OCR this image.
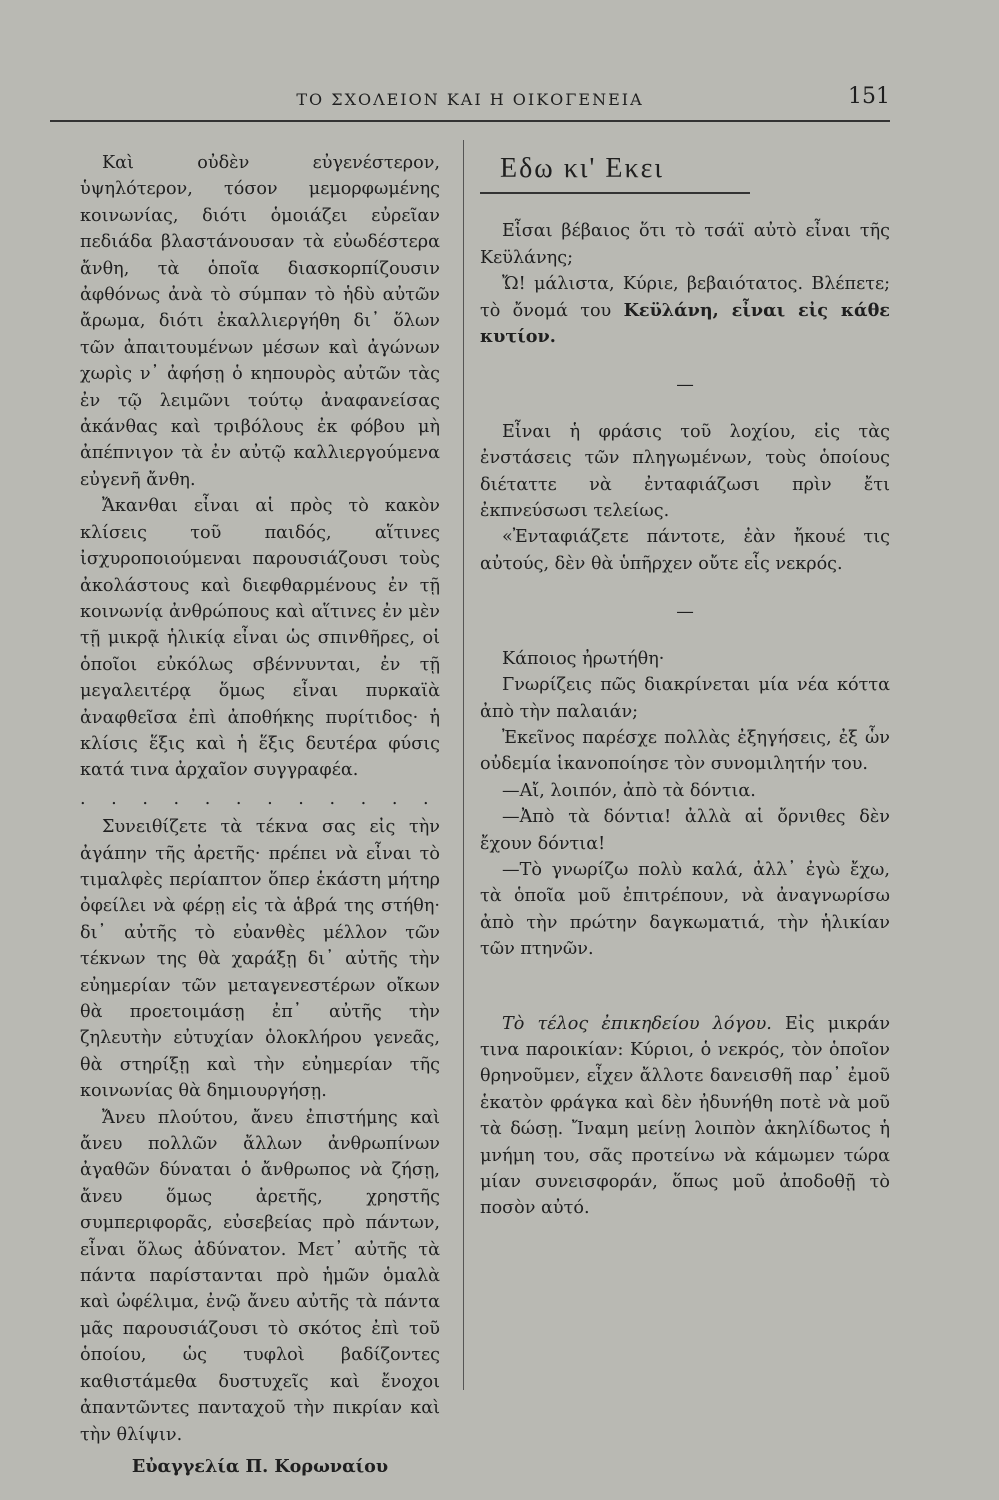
ΤΟ ΣΧΟΛΕΙΟΝ ΚΑΙ Η ΟΙΚΟΓΕΝΕΙΑ	151

Καὶ οὐδὲν εὐγενέστερον, ὑψηλότερον, τόσον μεμορφωμένης κοινωνίας, διότι ὁμοιάζει εὐρεῖαν πεδιάδα βλαστάνουσαν τὰ εὐωδέστερα ἄνθη, τὰ ὁποῖα διασκορπίζουσιν ἀφθόνως ἀνὰ τὸ σύμπαν τὸ ἡδὺ αὐτῶν ἄρωμα, διότι ἐκαλλιεργήθη δι᾽ ὅλων τῶν ἀπαιτουμένων μέσων καὶ ἀγώνων χωρὶς ν᾽ ἀφήσῃ ὁ κηπουρὸς αὐτῶν τὰς ἐν τῷ λειμῶνι τούτῳ ἀναφανείσας ἀκάνθας καὶ τριβόλους ἐκ φόβου μὴ ἀπέπνιγον τὰ ἐν αὐτῷ καλλιεργούμενα εὐγενῆ ἄνθη.

Ἄκανθαι εἶναι αἱ πρὸς τὸ κακὸν κλίσεις τοῦ παιδός, αἵτινες ἰσχυροποιούμεναι παρουσιάζουσι τοὺς ἀκολάστους καὶ διεφθαρμένους ἐν τῇ κοινωνίᾳ ἀνθρώπους καὶ αἵτινες ἐν μὲν τῇ μικρᾷ ἡλικίᾳ εἶναι ὡς σπινθῆρες, οἱ ὁποῖοι εὐκόλως σβέννυνται, ἐν τῇ μεγαλειτέρᾳ ὅμως εἶναι πυρκαϊὰ ἀναφθεῖσα ἐπὶ ἀποθήκης πυρίτιδος· ἡ κλίσις ἕξις καὶ ἡ ἕξις δευτέρα φύσις κατά τινα ἀρχαῖον συγγραφέα.

. . . . . . . . . . . .

Συνειθίζετε τὰ τέκνα σας εἰς τὴν ἀγάπην τῆς ἀρετῆς· πρέπει νὰ εἶναι τὸ τιμαλφὲς περίαπτον ὅπερ ἑκάστη μήτηρ ὀφείλει νὰ φέρῃ εἰς τὰ ἁβρά της στήθη· δι᾽ αὐτῆς τὸ εὐανθὲς μέλλον τῶν τέκνων της θὰ χαράξῃ δι᾽ αὐτῆς τὴν εὐημερίαν τῶν μεταγενεστέρων οἴκων θὰ προετοιμάσῃ ἐπ᾽ αὐτῆς τὴν ζηλευτὴν εὐτυχίαν ὁλοκλήρου γενεᾶς, θὰ στηρίξῃ καὶ τὴν εὐημερίαν τῆς κοινωνίας θὰ δημιουργήσῃ.

Ἄνευ πλούτου, ἄνευ ἐπιστήμης καὶ ἄνευ πολλῶν ἄλλων ἀνθρωπίνων ἀγαθῶν δύναται ὁ ἄνθρωπος νὰ ζήσῃ, ἄνευ ὅμως ἀρετῆς, χρηστῆς συμπεριφορᾶς, εὐσεβείας πρὸ πάντων, εἶναι ὅλως ἀδύνατον. Μετ᾽ αὐτῆς τὰ πάντα παρίστανται πρὸ ἡμῶν ὁμαλὰ καὶ ὠφέλιμα, ἐνῷ ἄνευ αὐτῆς τὰ πάντα μᾶς παρουσιάζουσι τὸ σκότος ἐπὶ τοῦ ὁποίου, ὡς τυφλοὶ βαδίζοντες καθιστάμεθα δυστυχεῖς καὶ ἔνοχοι ἀπαντῶντες πανταχοῦ τὴν πικρίαν καὶ τὴν θλίψιν.

Εὐαγγελία Π. Κορωναίου

Εδω κι' Εκει

Εἶσαι βέβαιος ὅτι τὸ τσάϊ αὐτὸ εἶναι τῆς Κεϋλάνης;

Ὤ! μάλιστα, Κύριε, βεβαιότατος. Βλέπετε; τὸ ὄνομά του Κεϋλάνη, εἶναι εἰς κάθε κυτίον.

—

Εἶναι ἡ φράσις τοῦ λοχίου, εἰς τὰς ἐνστάσεις τῶν πληγωμένων, τοὺς ὁποίους διέταττε νὰ ἐνταφιάζωσι πρὶν ἔτι ἐκπνεύσωσι τελείως.

«Ἐνταφιάζετε πάντοτε, ἐὰν ἤκουέ τις αὐτούς, δὲν θὰ ὑπῆρχεν οὔτε εἷς νεκρός.

—

Κάποιος ἠρωτήθη·

Γνωρίζεις πῶς διακρίνεται μία νέα κόττα ἀπὸ τὴν παλαιάν;

Ἐκεῖνος παρέσχε πολλὰς ἐξηγήσεις, ἐξ ὧν οὐδεμία ἱκανοποίησε τὸν συνομιλητήν του.

—Αἴ, λοιπόν, ἀπὸ τὰ δόντια.

—Ἀπὸ τὰ δόντια! ἀλλὰ αἱ ὄρνιθες δὲν ἔχουν δόντια!

—Τὸ γνωρίζω πολὺ καλά, ἀλλ᾽ ἐγὼ ἔχω, τὰ ὁποῖα μοῦ ἐπιτρέπουν, νὰ ἀναγνωρίσω ἀπὸ τὴν πρώτην δαγκωματιά, τὴν ἡλικίαν τῶν πτηνῶν.

Τὸ τέλος ἐπικηδείου λόγου. Εἰς μικράν τινα παροικίαν: Κύριοι, ὁ νεκρός, τὸν ὁποῖον θρηνοῦμεν, εἶχεν ἄλλοτε δανεισθῆ παρ᾽ ἐμοῦ ἑκατὸν φράγκα καὶ δὲν ἠδυνήθη ποτὲ νὰ μοῦ τὰ δώσῃ. Ἴναμη μείνῃ λοιπὸν ἀκηλίδωτος ἡ μνήμη του, σᾶς προτείνω νὰ κάμωμεν τώρα μίαν συνεισφοράν, ὅπως μοῦ ἀποδοθῇ τὸ ποσὸν αὐτό.
